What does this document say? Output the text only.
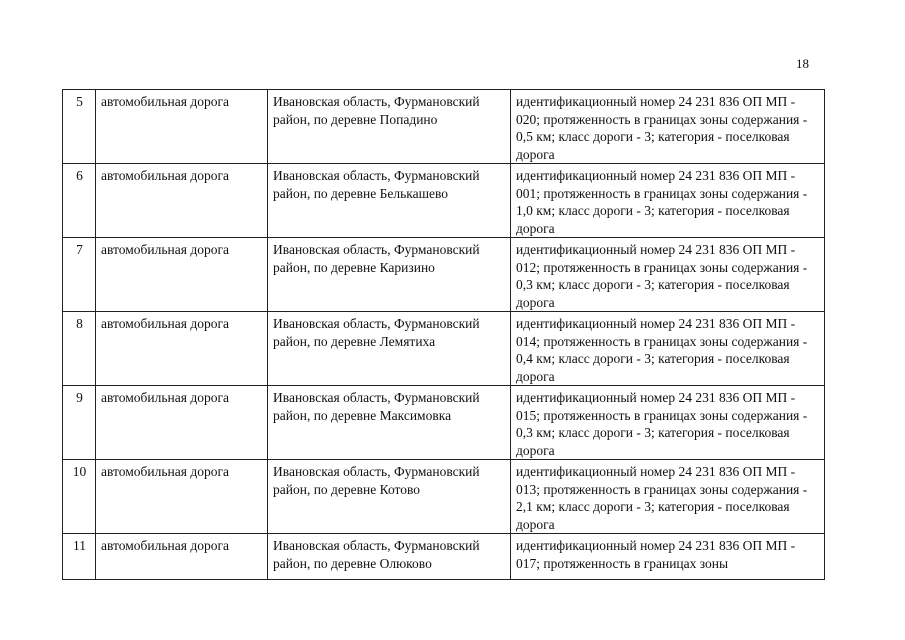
18
5	автомобильная дорога	Ивановская область, Фурмановский район, по деревне Попадино	идентификационный номер 24 231 836 ОП МП - 020; протяженность в границах зоны содержания - 0,5 км; класс дороги - 3; категория - поселковая дорога
6	автомобильная дорога	Ивановская область, Фурмановский район, по деревне Белькашево	идентификационный номер 24 231 836 ОП МП - 001; протяженность в границах зоны содержания - 1,0 км; класс дороги - 3; категория - поселковая дорога
7	автомобильная дорога	Ивановская область, Фурмановский район, по деревне Каризино	идентификационный номер 24 231 836 ОП МП - 012; протяженность в границах зоны содержания - 0,3 км; класс дороги - 3; категория - поселковая дорога
8	автомобильная дорога	Ивановская область, Фурмановский район, по деревне Лемятиха	идентификационный номер 24 231 836 ОП МП - 014; протяженность в границах зоны содержания - 0,4 км; класс дороги - 3; категория - поселковая дорога
9	автомобильная дорога	Ивановская область, Фурмановский район, по деревне Максимовка	идентификационный номер 24 231 836 ОП МП - 015; протяженность в границах зоны содержания - 0,3 км; класс дороги - 3; категория - поселковая дорога
10	автомобильная дорога	Ивановская область, Фурмановский район, по деревне Котово	идентификационный номер 24 231 836 ОП МП - 013; протяженность в границах зоны содержания - 2,1 км; класс дороги - 3; категория - поселковая дорога
11	автомобильная дорога	Ивановская область, Фурмановский район, по деревне Олюково	идентификационный номер 24 231 836 ОП МП - 017; протяженность в границах зоны
